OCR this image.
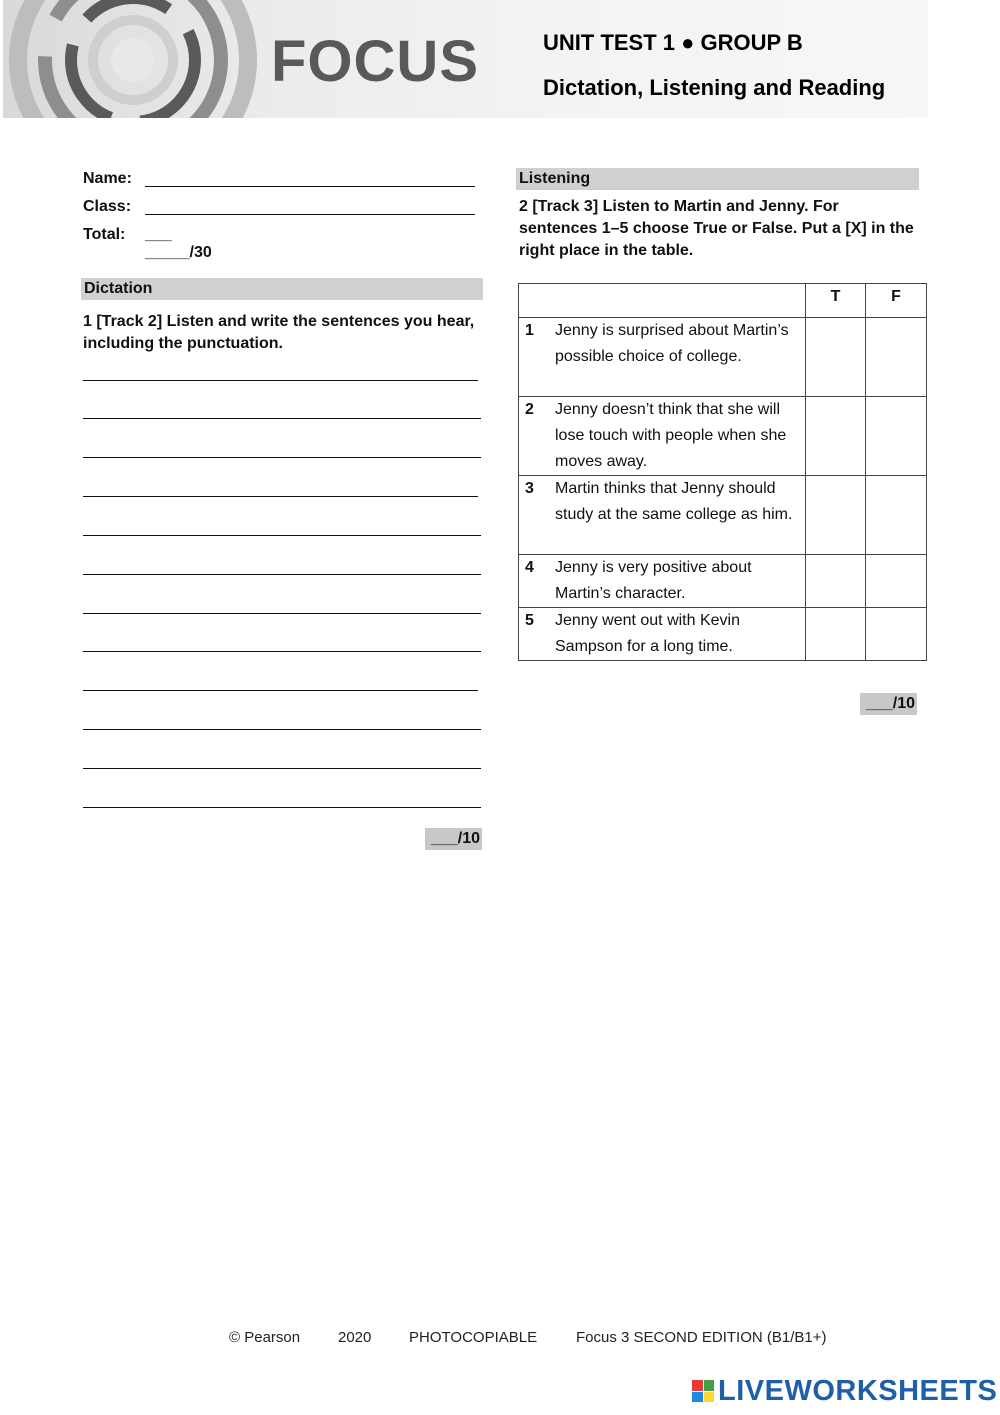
FOCUS	UNIT TEST 1 ● GROUP B
Dictation, Listening and Reading
Name:
Class:
Total: ___ _____/30
Dictation
1 [Track 2] Listen and write the sentences you hear, including the punctuation.
___/10
Listening
2 [Track 3] Listen to Martin and Jenny. For sentences 1–5 choose True or False. Put a [X] in the right place in the table.
	T	F

1 Jenny is surprised about Martin’s possible choice of college.		

2 Jenny doesn’t think that she will lose touch with people when she moves away.		

3 Martin thinks that Jenny should study at the same college as him.		

4 Jenny is very positive about Martin’s character.		

5 Jenny went out with Kevin Sampson for a long time.		

___/10
© Pearson	2020	PHOTOCOPIABLE	Focus 3 SECOND EDITION (B1/B1+)
LIVEWORKSHEETS
